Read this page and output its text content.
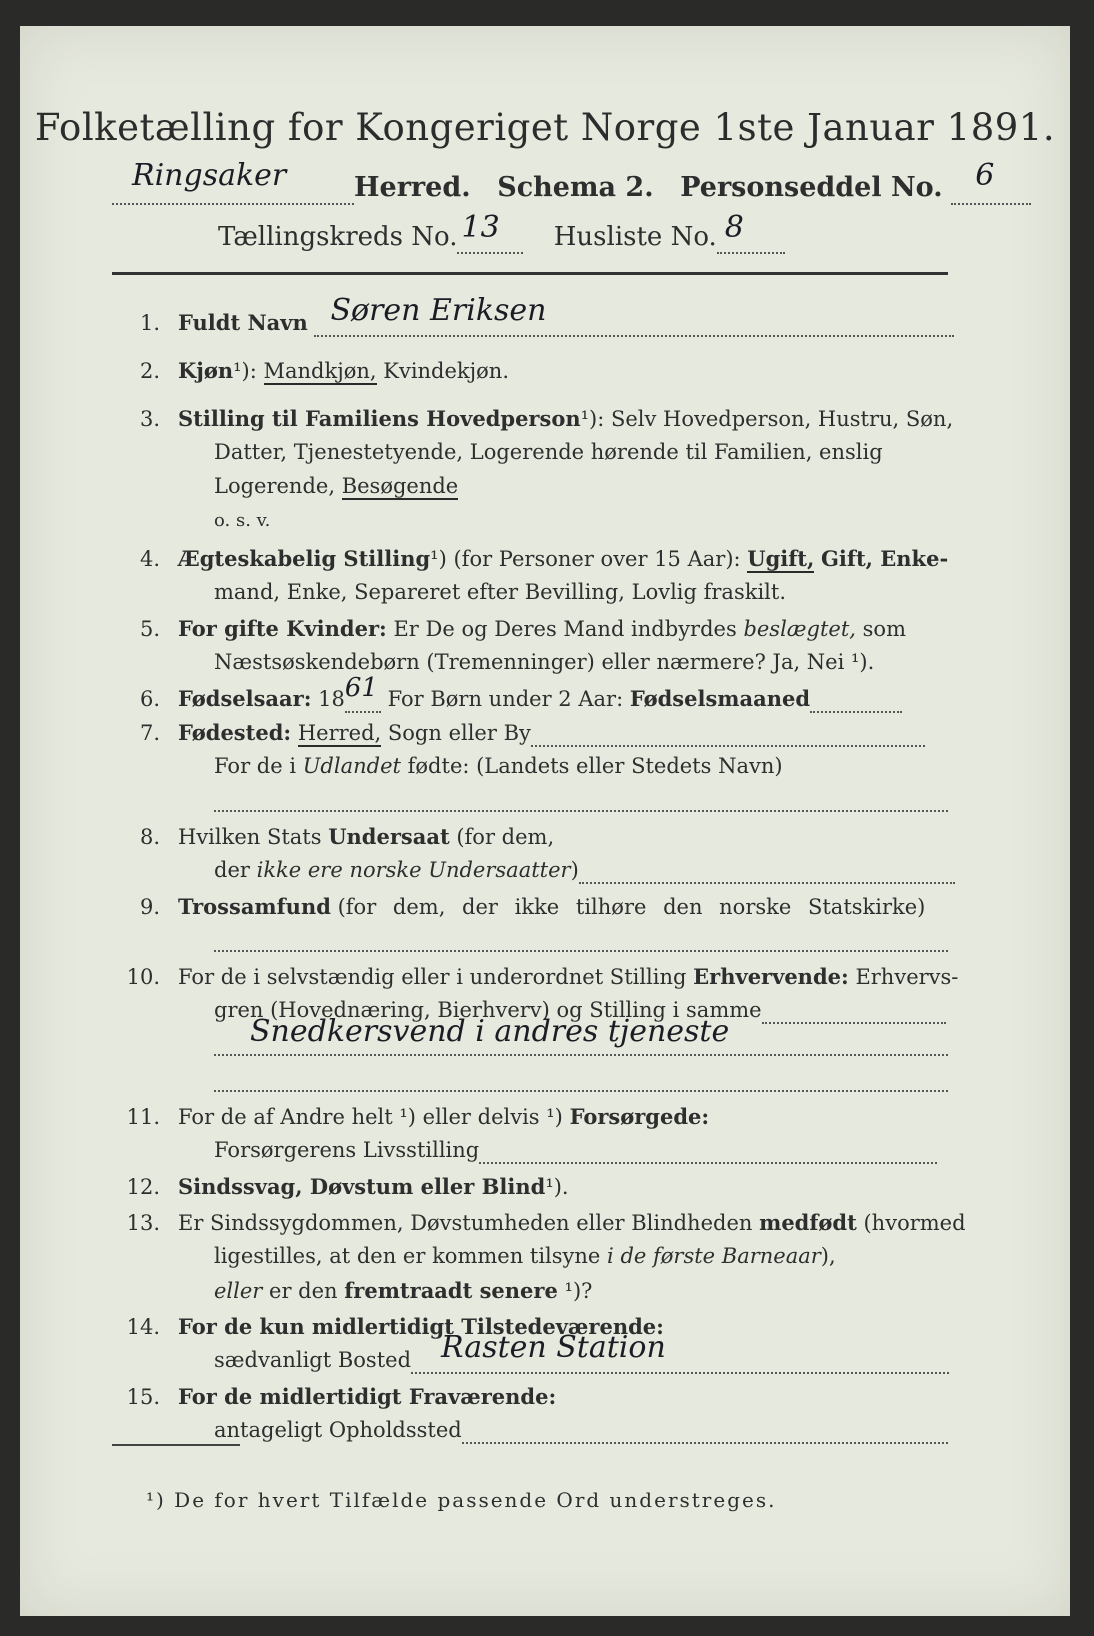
Folketælling for Kongeriget Norge 1ste Januar 1891.
Ringsaker	Herred. Schema 2. Personseddel No. 6

Tællingskreds No. 13 Husliste No. 8

1. Fuldt Navn Søren Eriksen

2. Kjøn¹): Mandkjøn, Kvindekjøn.
3. Stilling til Familiens Hovedperson¹): Selv Hovedperson, Hustru, Søn,
Datter, Tjenestetyende, Logerende hørende til Familien, enslig
Logerende, Besøgende
o. s. v.
4. Ægteskabelig Stilling¹) (for Personer over 15 Aar): Ugift, Gift, Enke-
mand, Enke, Separeret efter Bevilling, Lovlig fraskilt.
5. For gifte Kvinder: Er De og Deres Mand indbyrdes beslægtet, som
Næstsøskendebørn (Tremenninger) eller nærmere? Ja, Nei ¹).
6. Fødselsaar: 18 61 For Børn under 2 Aar: Fødselsmaaned
7. Fødested: Herred, Sogn eller By
For de i Udlandet fødte: (Landets eller Stedets Navn)

8. Hvilken Stats Undersaat (for dem,
der ikke ere norske Undersaatter)
9. Trossamfund (for dem, der ikke tilhøre den norske Statskirke)

10. For de i selvstændig eller i underordnet Stilling Erhvervende: Erhvervs-
gren (Hovednæring, Bierhverv) og Stilling i samme
Snedkersvend i andres tjeneste

11. For de af Andre helt ¹) eller delvis ¹) Forsørgede:
Forsørgerens Livsstilling
12. Sindssvag, Døvstum eller Blind¹).
13. Er Sindssygdommen, Døvstumheden eller Blindheden medfødt (hvormed
ligestilles, at den er kommen tilsyne i de første Barneaar),
eller er den fremtraadt senere ¹)?
14. For de kun midlertidigt Tilstedeværende:
sædvanligt Bosted Rasten Station

15. For de midlertidigt Fraværende:
antageligt Opholdssted
¹) De for hvert Tilfælde passende Ord understreges.
